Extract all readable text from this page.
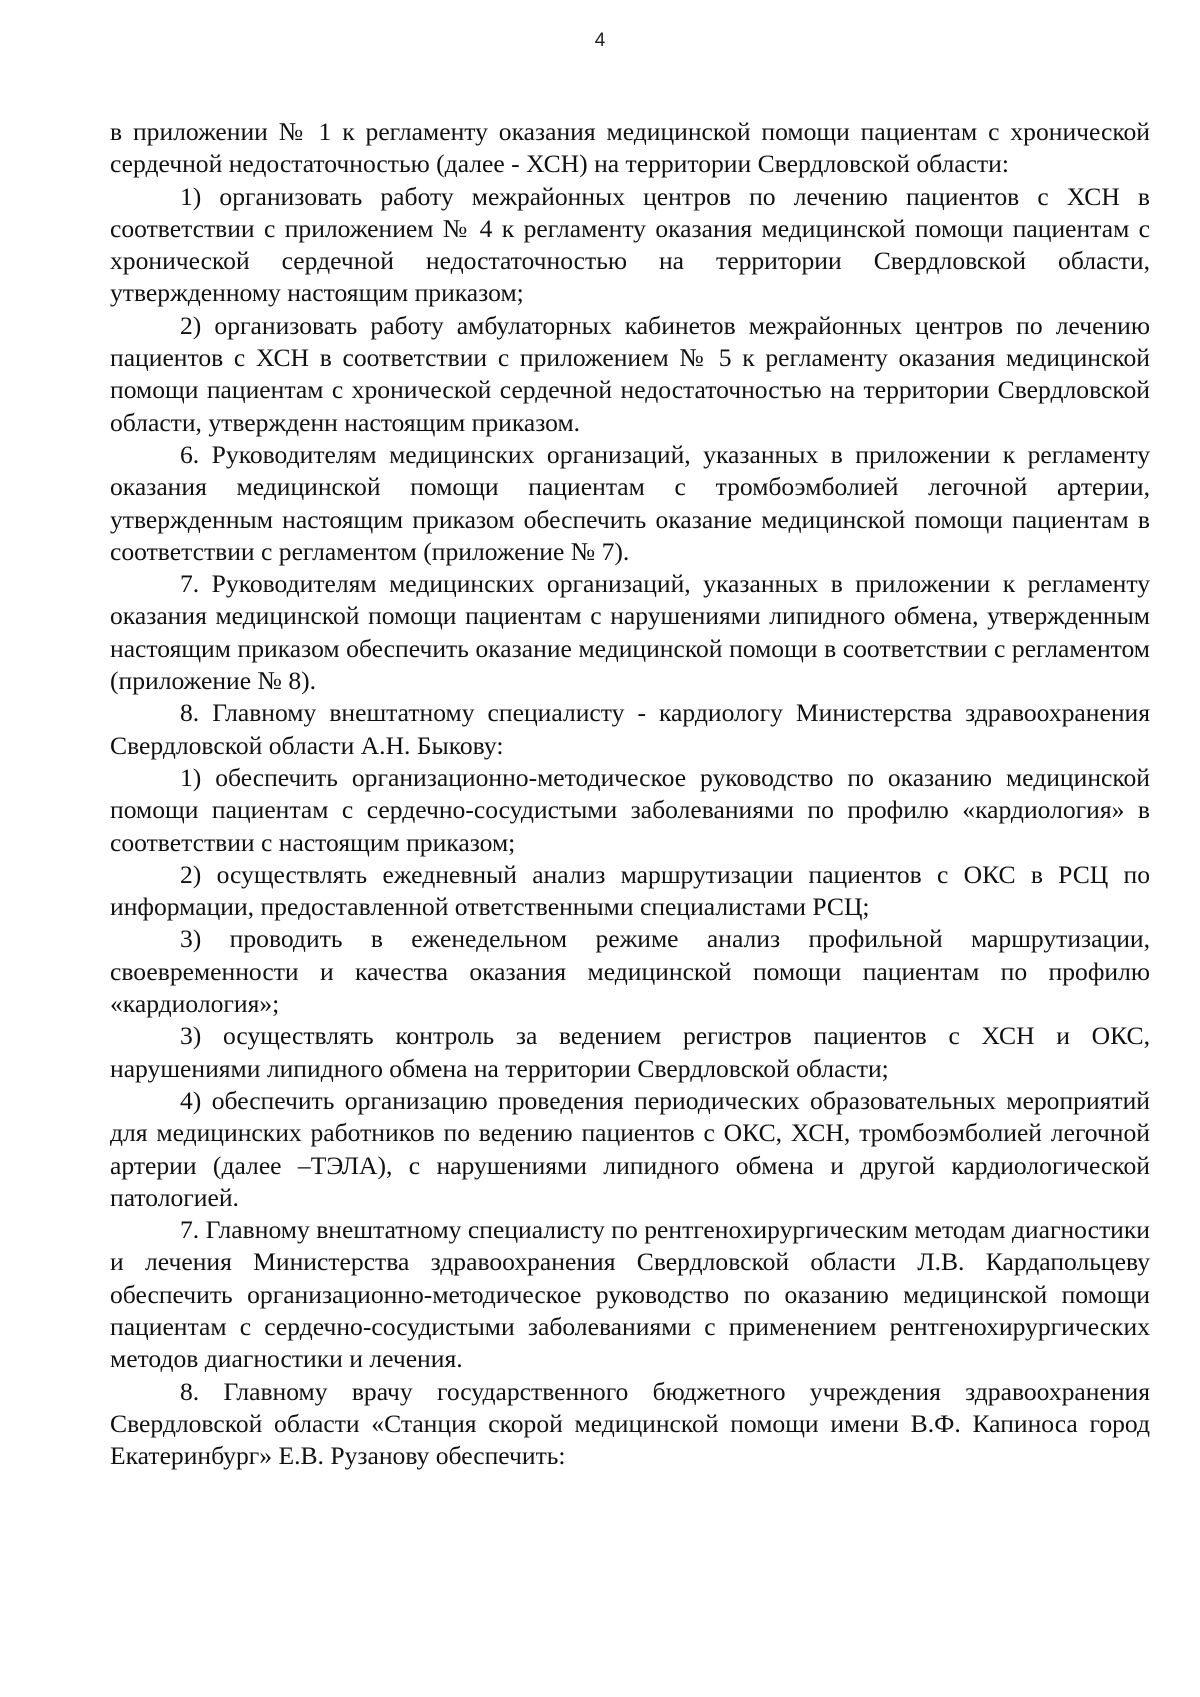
4

в приложении № 1 к регламенту оказания медицинской помощи пациентам с хронической сердечной недостаточностью (далее - ХСН) на территории Свердловской области:

1) организовать работу межрайонных центров по лечению пациентов с ХСН в соответствии с приложением № 4 к регламенту оказания медицинской помощи пациентам с хронической сердечной недостаточностью на территории Свердловской области, утвержденному настоящим приказом;

2) организовать работу амбулаторных кабинетов межрайонных центров по лечению пациентов с ХСН в соответствии с приложением № 5 к регламенту оказания медицинской помощи пациентам с хронической сердечной недостаточностью на территории Свердловской области, утвержденн настоящим приказом.

6. Руководителям медицинских организаций, указанных в приложении к регламенту оказания медицинской помощи пациентам с тромбоэмболией легочной артерии, утвержденным настоящим приказом обеспечить оказание медицинской помощи пациентам в соответствии с регламентом (приложение № 7).

7. Руководителям медицинских организаций, указанных в приложении к регламенту оказания медицинской помощи пациентам с нарушениями липидного обмена, утвержденным настоящим приказом обеспечить оказание медицинской помощи в соответствии с регламентом (приложение № 8).

8. Главному внештатному специалисту - кардиологу Министерства здравоохранения Свердловской области А.Н. Быкову:

1) обеспечить организационно-методическое руководство по оказанию медицинской помощи пациентам с сердечно-сосудистыми заболеваниями по профилю «кардиология» в соответствии с настоящим приказом;

2) осуществлять ежедневный анализ маршрутизации пациентов с ОКС в РСЦ по информации, предоставленной ответственными специалистами РСЦ;

3) проводить в еженедельном режиме анализ профильной маршрутизации, своевременности и качества оказания медицинской помощи пациентам по профилю «кардиология»;

3) осуществлять контроль за ведением регистров пациентов с ХСН и ОКС, нарушениями липидного обмена на территории Свердловской области;

4) обеспечить организацию проведения периодических образовательных мероприятий для медицинских работников по ведению пациентов с ОКС, ХСН, тромбоэмболией легочной артерии (далее –ТЭЛА), с нарушениями липидного обмена и другой кардиологической патологией.

7. Главному внештатному специалисту по рентгенохирургическим методам диагностики и лечения Министерства здравоохранения Свердловской области Л.В. Кардапольцеву обеспечить организационно-методическое руководство по оказанию медицинской помощи пациентам с сердечно-сосудистыми заболеваниями с применением рентгенохирургических методов диагностики и лечения.

8. Главному врачу государственного бюджетного учреждения здравоохранения Свердловской области «Станция скорой медицинской помощи имени В.Ф. Капиноса город Екатеринбург» Е.В. Рузанову обеспечить:
